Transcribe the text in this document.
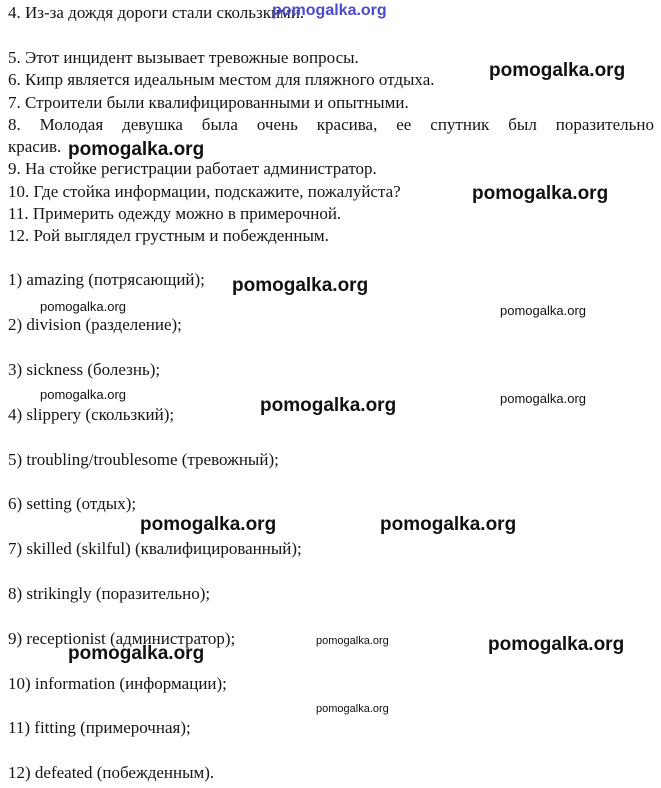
4. Из-за дождя дороги стали скользкими.
5. Этот инцидент вызывает тревожные вопросы.
6. Кипр является идеальным местом для пляжного отдыха.
7. Строители были квалифицированными и опытными.
8. Молодая девушка была очень красива, ее спутник был поразительно
красив.
9. На стойке регистрации работает администратор.
10. Где стойка информации, подскажите, пожалуйста?
11. Примерить одежду можно в примерочной.
12. Рой выглядел грустным и побежденным.
1) amazing (потрясающий);
2) division (разделение);
3) sickness (болезнь);
4) slippery (скользкий);
5) troubling/troublesome (тревожный);
6) setting (отдых);
7) skilled (skilful) (квалифицированный);
8) strikingly (поразительно);
9) receptionist (администратор);
10) information (информации);
11) fitting (примерочная);
12) defeated (побежденным).
pomogalka.org
pomogalka.org
pomogalka.org
pomogalka.org
pomogalka.org
pomogalka.org	pomogalka.org
pomogalka.org	pomogalka.org
pomogalka.org
pomogalka.org	pomogalka.org
pomogalka.org	pomogalka.org
pomogalka.org
pomogalka.org
